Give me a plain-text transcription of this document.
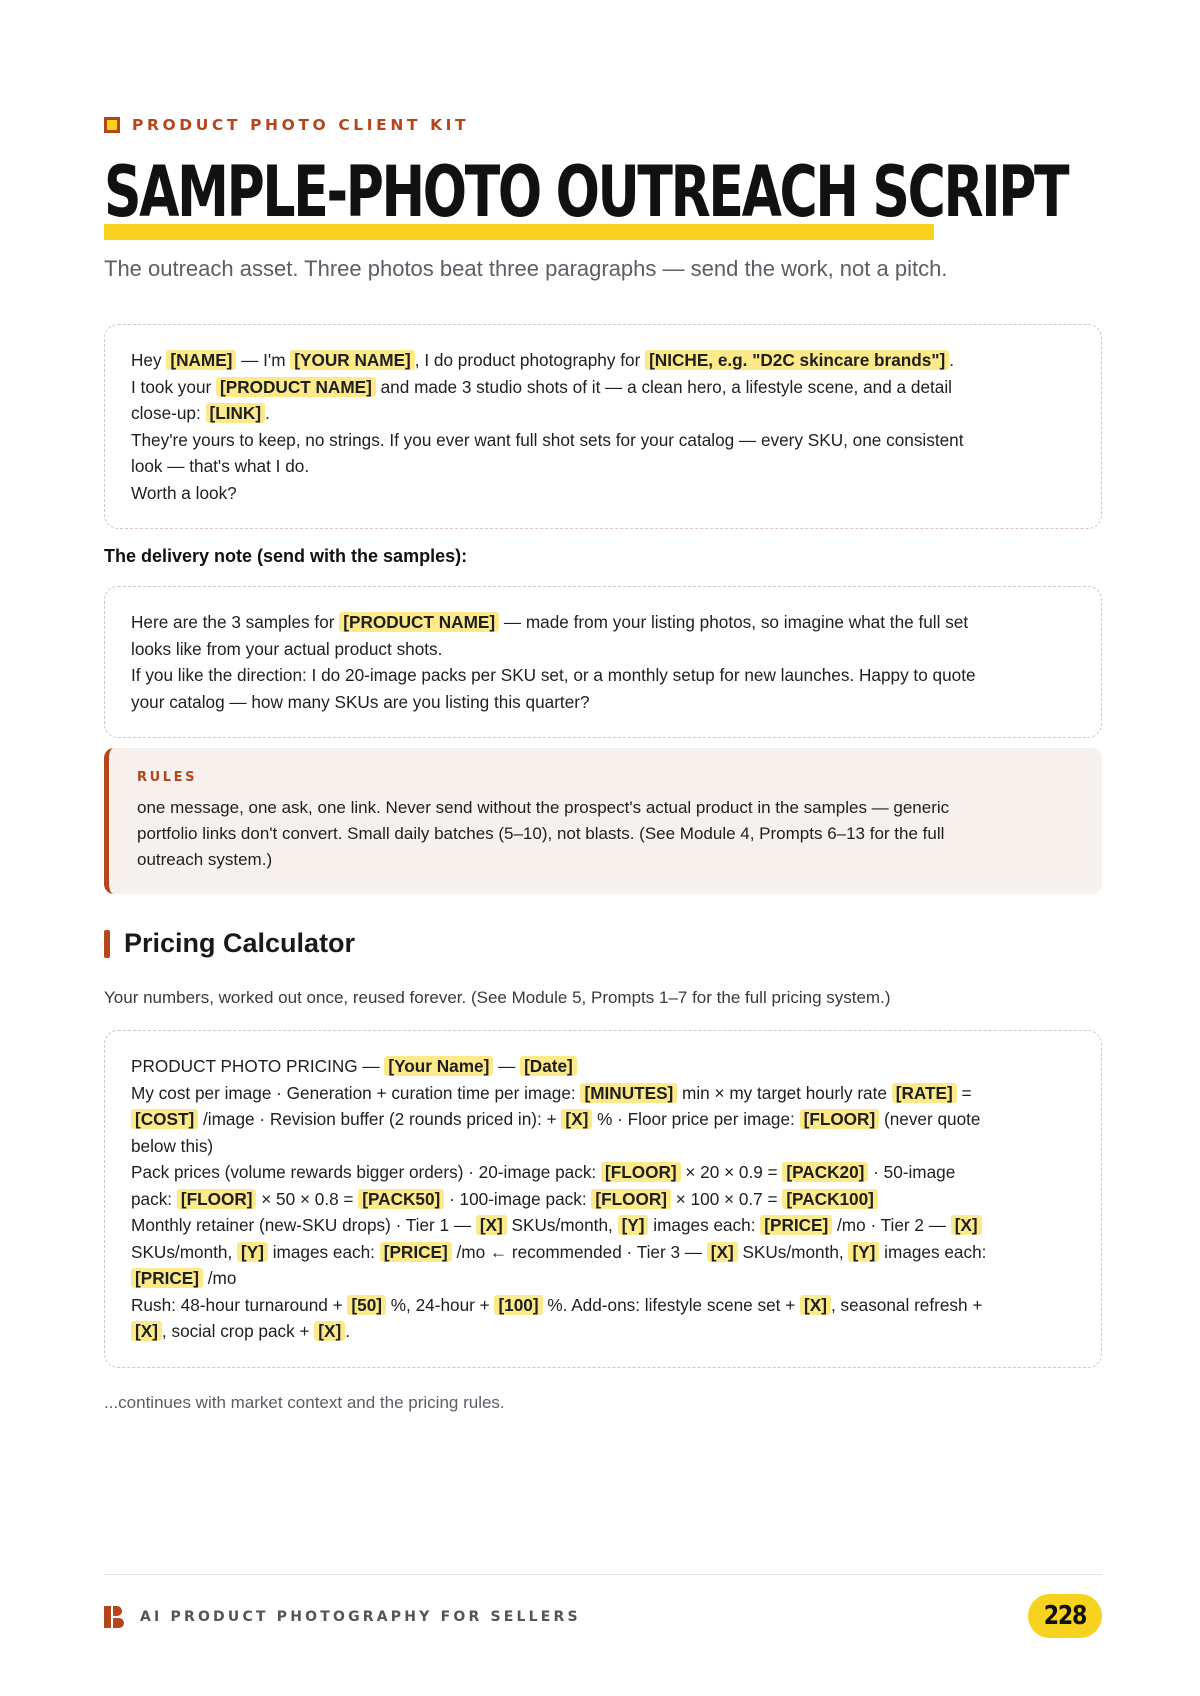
PRODUCT PHOTO CLIENT KIT
SAMPLE-PHOTO OUTREACH SCRIPT
The outreach asset. Three photos beat three paragraphs — send the work, not a pitch.

Hey [NAME] — I'm [YOUR NAME] , I do product photography for [NICHE, e.g. "D2C skincare brands"] .

I took your [PRODUCT NAME] and made 3 studio shots of it — a clean hero, a lifestyle scene, and a detail

close-up: [LINK] .

They're yours to keep, no strings. If you ever want full shot sets for your catalog — every SKU, one consistent

look — that's what I do.

Worth a look?

The delivery note (send with the samples):

Here are the 3 samples for [PRODUCT NAME] — made from your listing photos, so imagine what the full set

looks like from your actual product shots.

If you like the direction: I do 20-image packs per SKU set, or a monthly setup for new launches. Happy to quote

your catalog — how many SKUs are you listing this quarter?

RULES

one message, one ask, one link. Never send without the prospect's actual product in the samples — generic

portfolio links don't convert. Small daily batches (5–10), not blasts. (See Module 4, Prompts 6–13 for the full

outreach system.)

Pricing Calculator
Your numbers, worked out once, reused forever. (See Module 5, Prompts 1–7 for the full pricing system.)

PRODUCT PHOTO PRICING — [Your Name] — [Date]

My cost per image · Generation + curation time per image: [MINUTES] min × my target hourly rate [RATE] =

[COST] /image · Revision buffer (2 rounds priced in): + [X] % · Floor price per image: [FLOOR] (never quote

below this)

Pack prices (volume rewards bigger orders) · 20-image pack: [FLOOR] × 20 × 0.9 = [PACK20] · 50-image

pack: [FLOOR] × 50 × 0.8 = [PACK50] · 100-image pack: [FLOOR] × 100 × 0.7 = [PACK100]

Monthly retainer (new-SKU drops) · Tier 1 — [X] SKUs/month, [Y] images each: [PRICE] /mo · Tier 2 — [X]

SKUs/month, [Y] images each: [PRICE] /mo ← recommended · Tier 3 — [X] SKUs/month, [Y] images each:

[PRICE] /mo

Rush: 48-hour turnaround + [50] %, 24-hour + [100] %. Add-ons: lifestyle scene set + [X] , seasonal refresh +

[X] , social crop pack + [X] .

...continues with market context and the pricing rules.
AI PRODUCT PHOTOGRAPHY FOR SELLERS	228
